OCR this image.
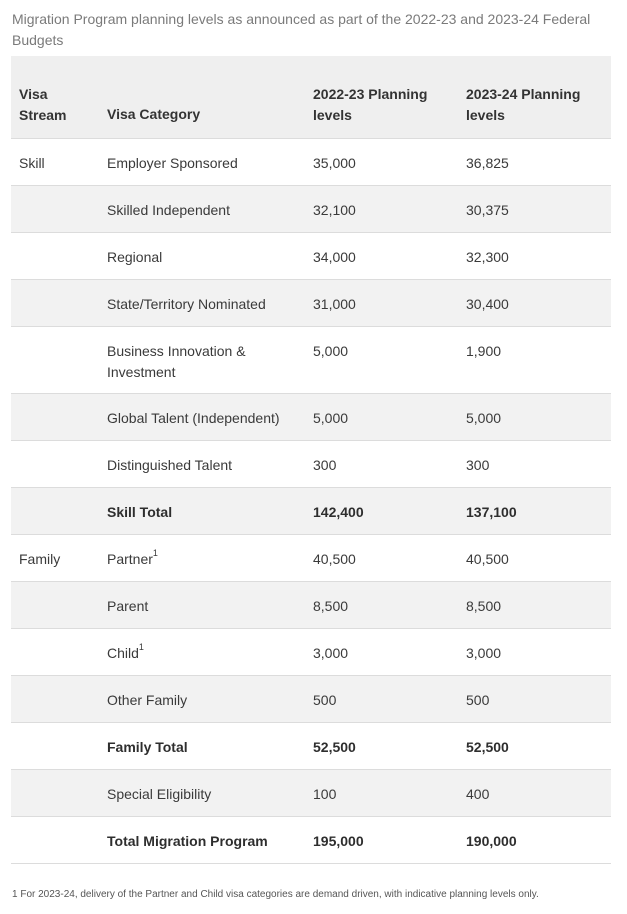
Migration Program planning levels as announced as part of the 2022-23 and 2023-24 Federal Budgets
Visa Stream	Visa Category	2022-23 Planning levels	2023-24 Planning levels
Skill	Employer Sponsored	35,000	36,825
	Skilled Independent	32,100	30,375
	Regional	34,000	32,300
	State/Territory Nominated	31,000	30,400
	Business Innovation & Investment	5,000	1,900
	Global Talent (Independent)	5,000	5,000
	Distinguished Talent	300	300
	Skill Total	142,400	137,100
Family	Partner$^1$	40,500	40,500
	Parent	8,500	8,500
	Child$^1$	3,000	3,000
	Other Family	500	500
	Family Total	52,500	52,500
	Special Eligibility	100	400
	Total Migration Program	195,000	190,000
1 For 2023-24, delivery of the Partner and Child visa categories are demand driven, with indicative planning levels only.
